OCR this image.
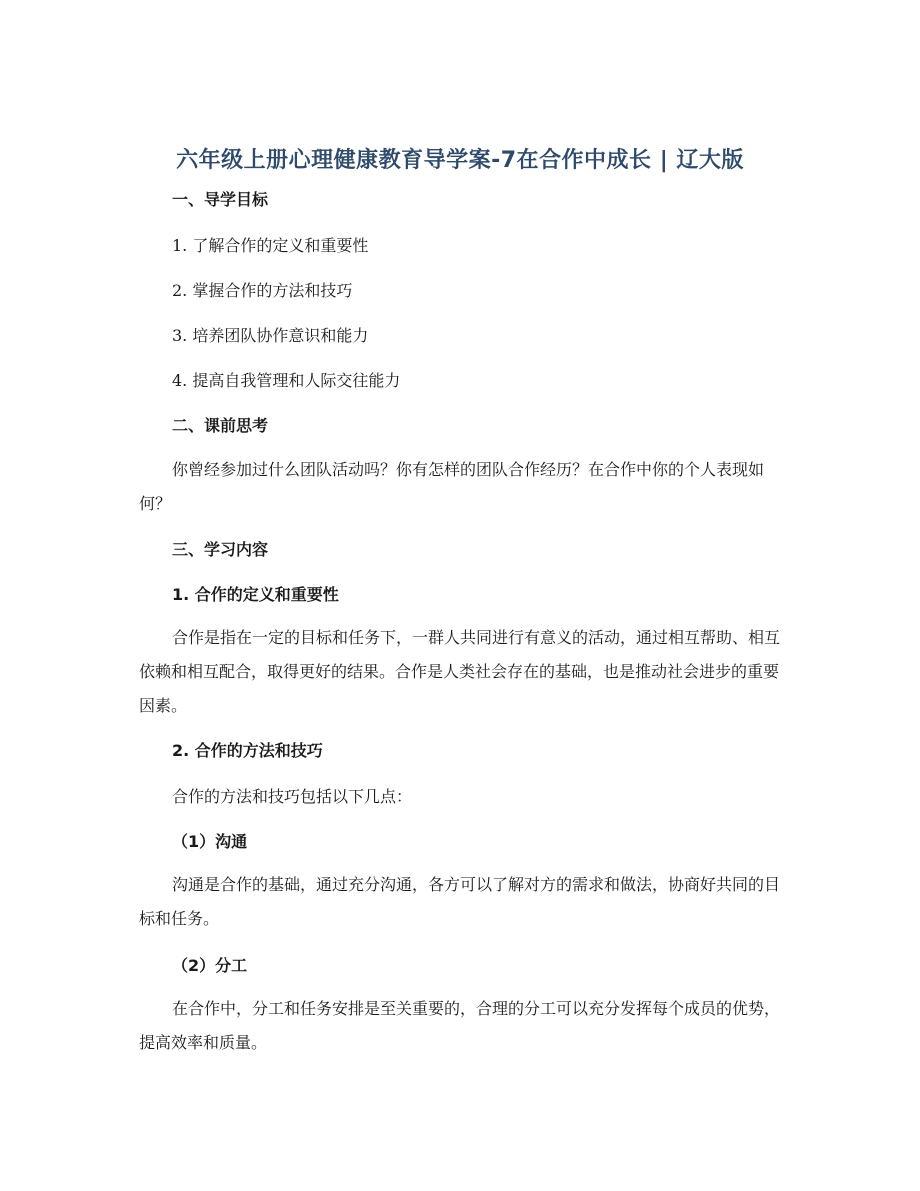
六年级上册心理健康教育导学案-7在合作中成长 | 辽大版
一、导学目标
1. 了解合作的定义和重要性
2. 掌握合作的方法和技巧
3. 培养团队协作意识和能力
4. 提高自我管理和人际交往能力
二、课前思考
你曾经参加过什么团队活动吗？你有怎样的团队合作经历？在合作中你的个人表现如何？
三、学习内容
1. 合作的定义和重要性
合作是指在一定的目标和任务下，一群人共同进行有意义的活动，通过相互帮助、相互依赖和相互配合，取得更好的结果。合作是人类社会存在的基础，也是推动社会进步的重要因素。
2. 合作的方法和技巧
合作的方法和技巧包括以下几点：
（1）沟通
沟通是合作的基础，通过充分沟通，各方可以了解对方的需求和做法，协商好共同的目标和任务。
（2）分工
在合作中，分工和任务安排是至关重要的，合理的分工可以充分发挥每个成员的优势，提高效率和质量。
